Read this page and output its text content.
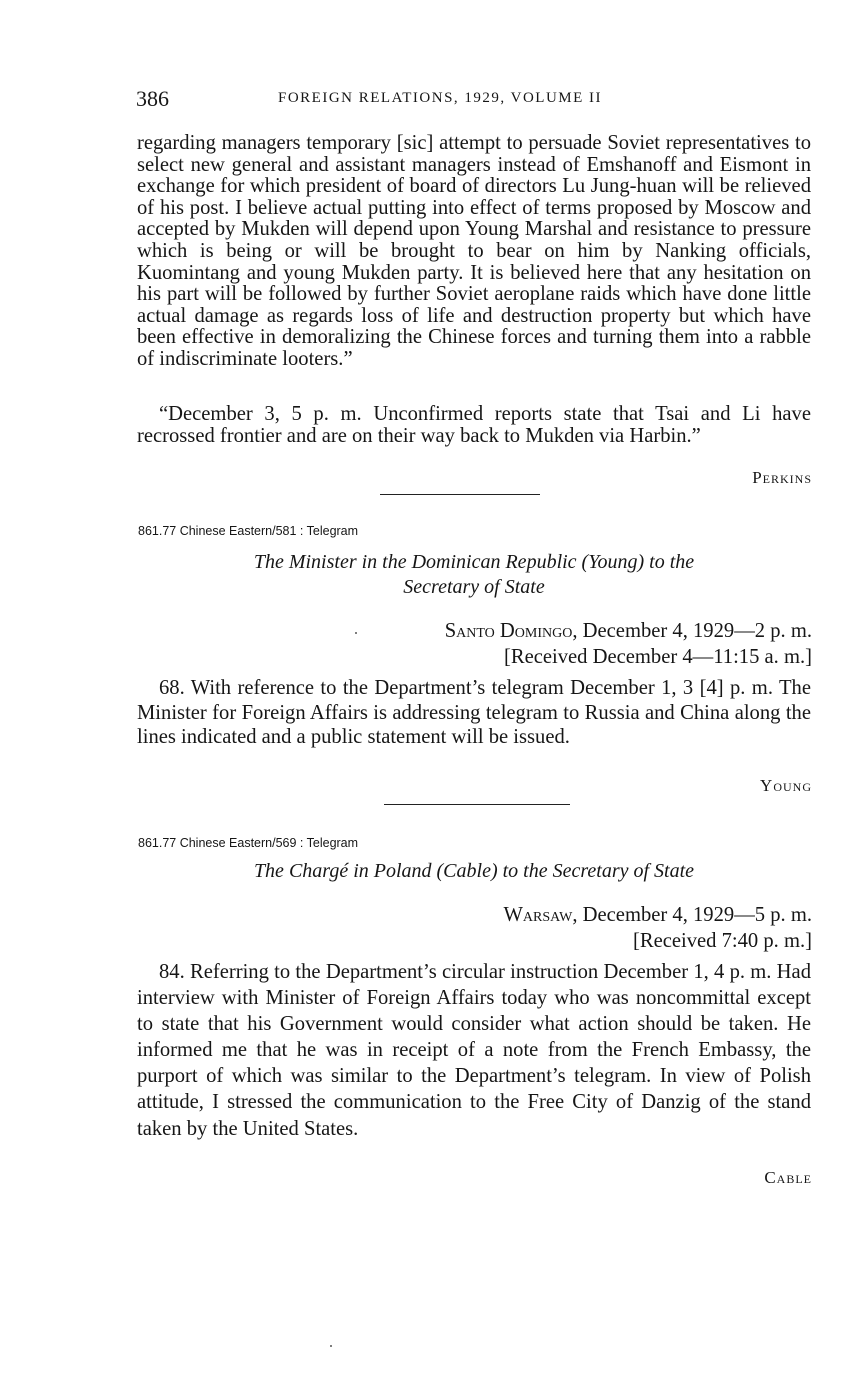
386	FOREIGN RELATIONS, 1929, VOLUME II

regarding managers temporary [sic] attempt to persuade Soviet representatives to select new general and assistant managers instead of Emshanoff and Eismont in exchange for which president of board of directors Lu Jung-huan will be relieved of his post. I believe actual putting into effect of terms proposed by Moscow and accepted by Mukden will depend upon Young Marshal and resistance to pressure which is being or will be brought to bear on him by Nanking officials, Kuomintang and young Mukden party. It is believed here that any hesitation on his part will be followed by further Soviet aeroplane raids which have done little actual damage as regards loss of life and destruction property but which have been effective in demoralizing the Chinese forces and turning them into a rabble of indiscriminate looters.”

“December 3, 5 p. m. Unconfirmed reports state that Tsai and Li have recrossed frontier and are on their way back to Mukden via Harbin.”

Perkins
861.77 Chinese Eastern/581 : Telegram
The Minister in the Dominican Republic (Young) to the
Secretary of State
Santo Domingo, December 4, 1929—2 p. m.
[Received December 4—11:15 a. m.]

68. With reference to the Department’s telegram December 1, 3 [4] p. m. The Minister for Foreign Affairs is addressing telegram to Russia and China along the lines indicated and a public statement will be issued.

Young
861.77 Chinese Eastern/569 : Telegram
The Chargé in Poland (Cable) to the Secretary of State
Warsaw, December 4, 1929—5 p. m.
[Received 7:40 p. m.]

84. Referring to the Department’s circular instruction December 1, 4 p. m. Had interview with Minister of Foreign Affairs today who was noncommittal except to state that his Government would consider what action should be taken. He informed me that he was in receipt of a note from the French Embassy, the purport of which was similar to the Department’s telegram. In view of Polish attitude, I stressed the communication to the Free City of Danzig of the stand taken by the United States.

Cable
